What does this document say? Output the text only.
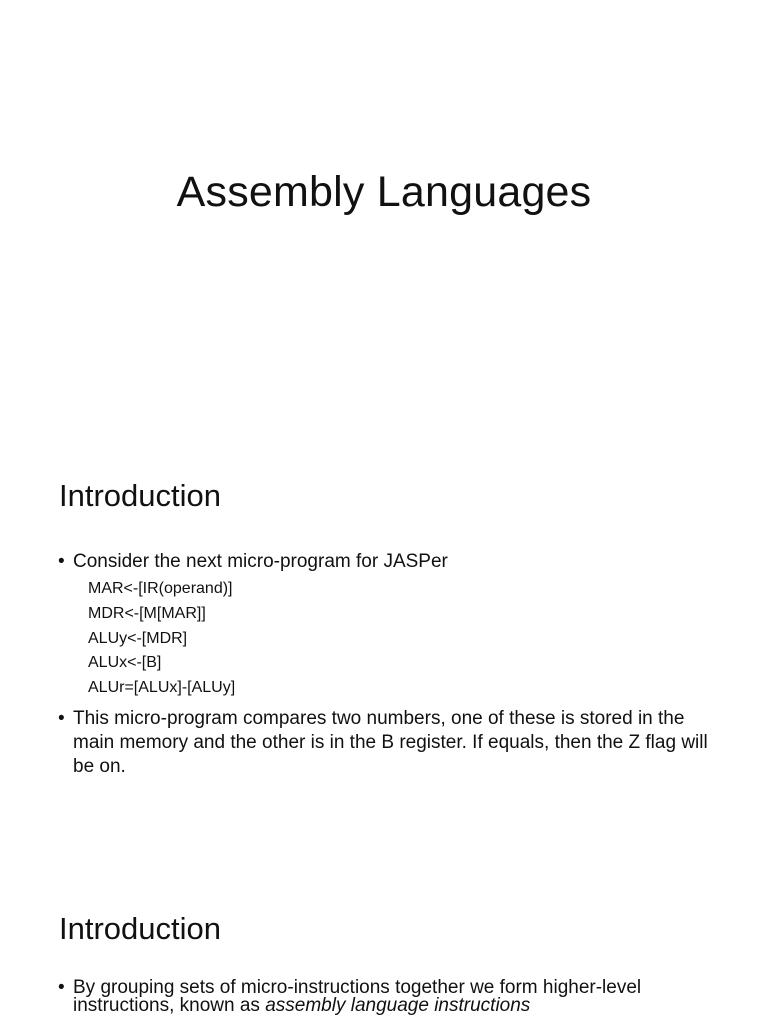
Assembly Languages
Introduction
• Consider the next micro-program for JASPer
MAR<-[IR(operand)]
MDR<-[M[MAR]]
ALUy<-[MDR]
ALUx<-[B]
ALUr=[ALUx]-[ALUy]
• This micro-program compares two numbers, one of these is stored in the main memory and the other is in the B register. If equals, then the Z flag will be on.
Introduction
• By grouping sets of micro-instructions together we form higher-level instructions, known as assembly language instructions
